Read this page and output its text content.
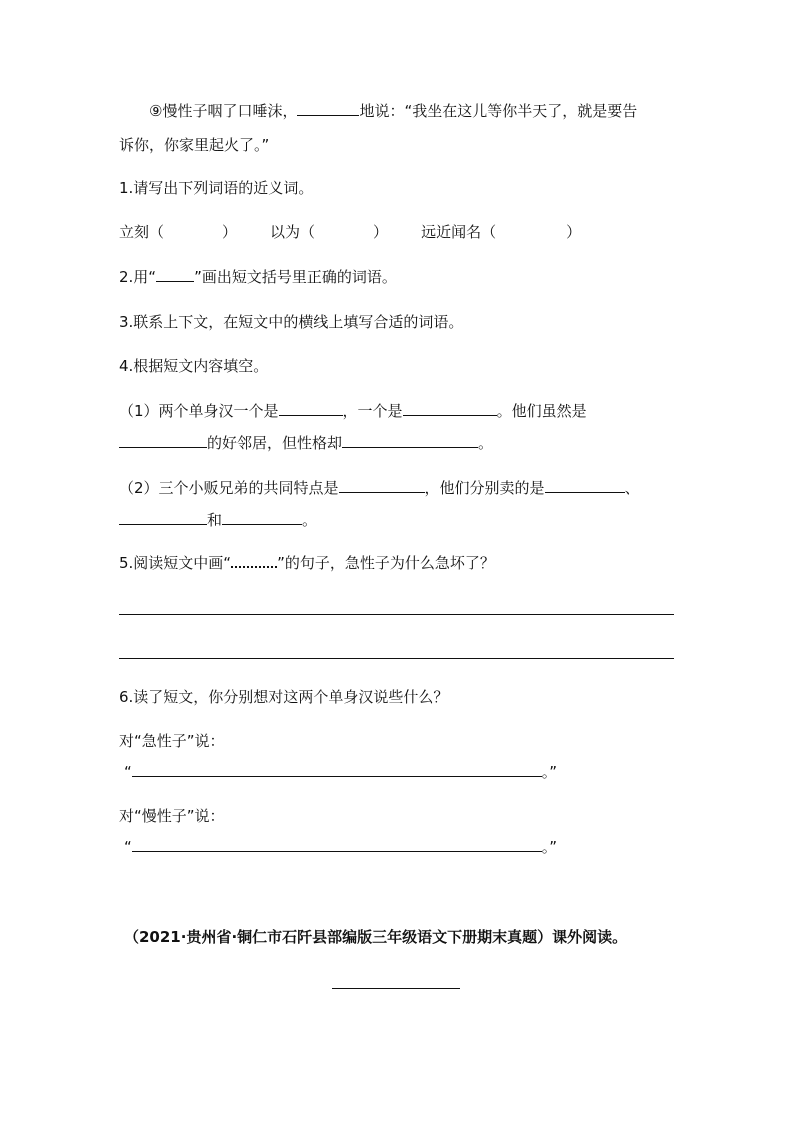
⑨慢性子咽了口唾沫，	地说：“我坐在这儿等你半天了，就是要告
诉你，你家里起火了。”
1.请写出下列词语的近义词。
立刻（	） 以为（	） 远近闻名（	）
2.用“	”画出短文括号里正确的词语。
3.联系上下文，在短文中的横线上填写合适的词语。
4.根据短文内容填空。
（1）两个单身汉一个是	，一个是	。他们虽然是
的好邻居，但性格却	。
（2）三个小贩兄弟的共同特点是	，他们分别卖的是	、
和	。
5.阅读短文中画“	”的句子，急性子为什么急坏了？
6.读了短文，你分别想对这两个单身汉说些什么？
对“急性子”说：
“	。”
对“慢性子”说：
“	。”
（2021·贵州省·铜仁市石阡县部编版三年级语文下册期末真题）课外阅读。
